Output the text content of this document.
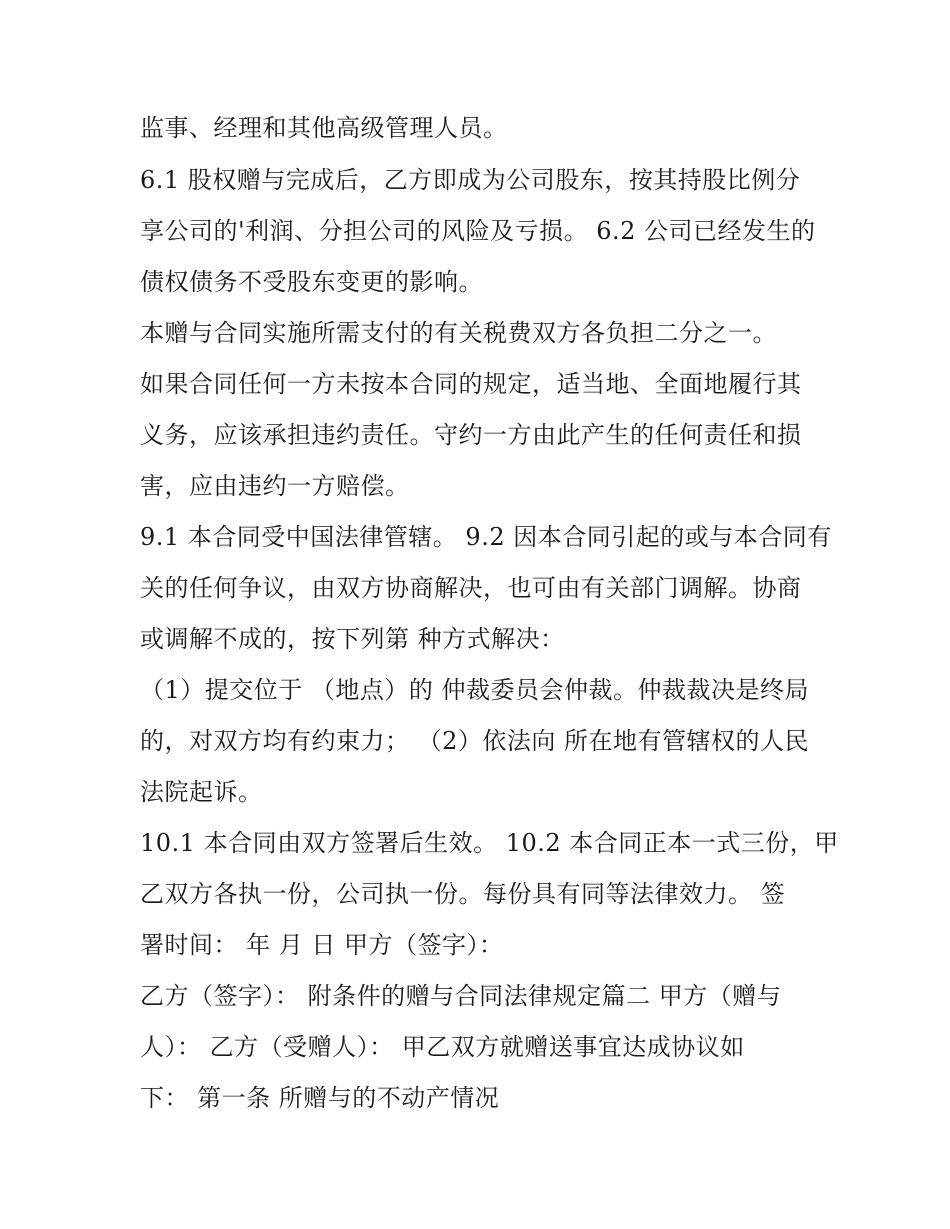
监事、经理和其他高级管理人员。
6.1 股权赠与完成后，乙方即成为公司股东，按其持股比例分
享公司的'利润、分担公司的风险及亏损。 6.2 公司已经发生的
债权债务不受股东变更的影响。
本赠与合同实施所需支付的有关税费双方各负担二分之一。
如果合同任何一方未按本合同的规定，适当地、全面地履行其
义务，应该承担违约责任。守约一方由此产生的任何责任和损
害，应由违约一方赔偿。
9.1 本合同受中国法律管辖。 9.2 因本合同引起的或与本合同有
关的任何争议，由双方协商解决，也可由有关部门调解。协商
或调解不成的，按下列第 种方式解决：
（1）提交位于 （地点）的 仲裁委员会仲裁。仲裁裁决是终局
的，对双方均有约束力； （2）依法向 所在地有管辖权的人民
法院起诉。
10.1 本合同由双方签署后生效。 10.2 本合同正本一式三份，甲
乙双方各执一份，公司执一份。每份具有同等法律效力。 签
署时间： 年 月 日 甲方（签字）：
乙方（签字）： 附条件的赠与合同法律规定篇二 甲方（赠与
人）： 乙方（受赠人）： 甲乙双方就赠送事宜达成协议如
下： 第一条 所赠与的不动产情况
